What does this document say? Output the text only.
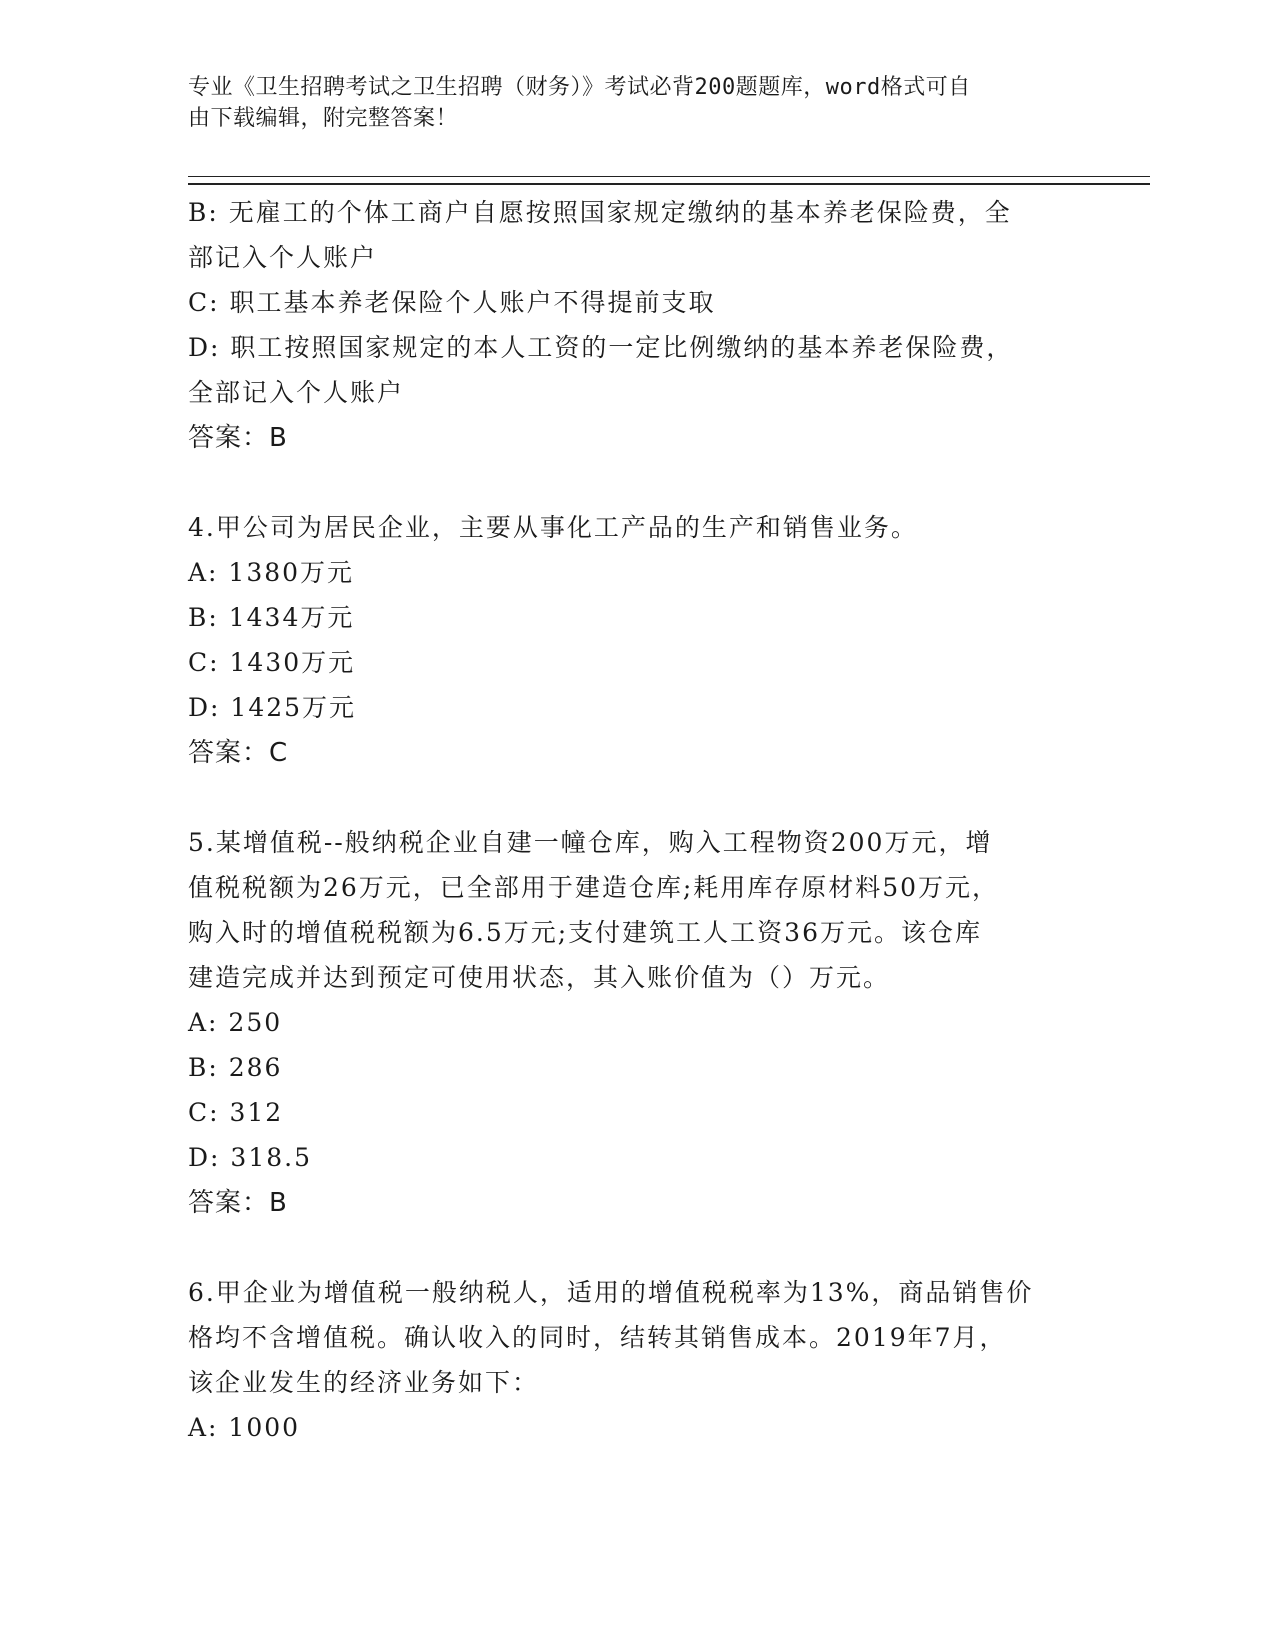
专业《卫生招聘考试之卫生招聘（财务）》考试必背200题题库，word格式可自
由下载编辑，附完整答案！
B: 无雇工的个体工商户自愿按照国家规定缴纳的基本养老保险费，全
部记入个人账户
C: 职工基本养老保险个人账户不得提前支取
D: 职工按照国家规定的本人工资的一定比例缴纳的基本养老保险费，
全部记入个人账户
答案：B
4.甲公司为居民企业，主要从事化工产品的生产和销售业务。
A: 1380万元
B: 1434万元
C: 1430万元
D: 1425万元
答案：C
5.某增值税--般纳税企业自建一幢仓库，购入工程物资200万元，增
值税税额为26万元，已全部用于建造仓库;耗用库存原材料50万元，
购入时的增值税税额为6.5万元;支付建筑工人工资36万元。该仓库
建造完成并达到预定可使用状态，其入账价值为（）万元。
A: 250
B: 286
C: 312
D: 318.5
答案：B
6.甲企业为增值税一般纳税人，适用的增值税税率为13%，商品销售价
格均不含增值税。确认收入的同时，结转其销售成本。2019年7月，
该企业发生的经济业务如下：
A: 1000
